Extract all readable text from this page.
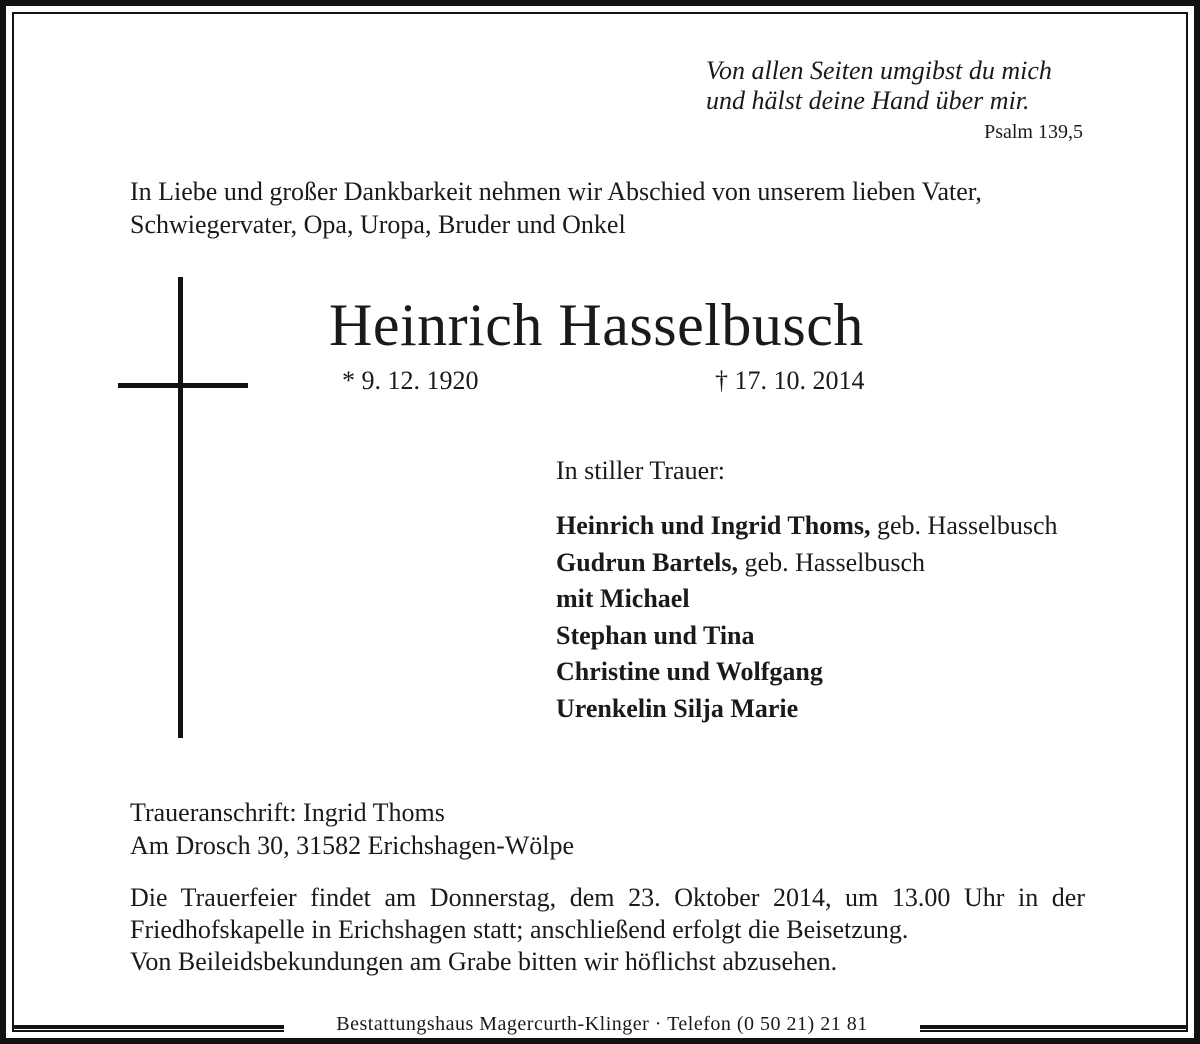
Von allen Seiten umgibst du mich
und hälst deine Hand über mir.
Psalm 139,5
In Liebe und großer Dankbarkeit nehmen wir Abschied von unserem lieben Vater,
Schwiegervater, Opa, Uropa, Bruder und Onkel
Heinrich Hasselbusch
* 9. 12. 1920	† 17. 10. 2014
In stiller Trauer:
Heinrich und Ingrid Thoms, geb. Hasselbusch
Gudrun Bartels, geb. Hasselbusch
mit Michael
Stephan und Tina
Christine und Wolfgang
Urenkelin Silja Marie
Traueranschrift: Ingrid Thoms
Am Drosch 30, 31582 Erichshagen-Wölpe
Die Trauerfeier findet am Donnerstag, dem 23. Oktober 2014, um 13.00 Uhr in der
Friedhofskapelle in Erichshagen statt; anschließend erfolgt die Beisetzung.
Von Beileidsbekundungen am Grabe bitten wir höflichst abzusehen.
Bestattungshaus Magercurth-Klinger · Telefon (0 50 21) 21 81
